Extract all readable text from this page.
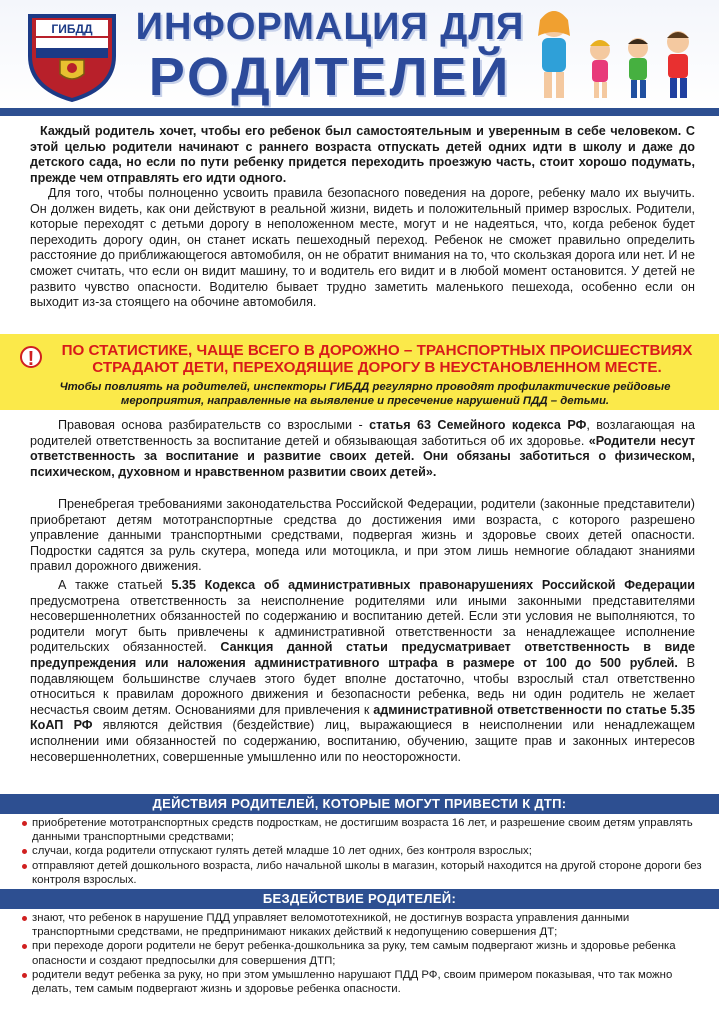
ГИБДД ИНФОРМАЦИЯ ДЛЯ
РОДИТЕЛЕЙ

Каждый родитель хочет, чтобы его ребенок был самостоятельным и уверенным в себе человеком. С этой целью родители начинают с раннего возраста отпускать детей одних идти в школу и даже до детского сада, но если по пути ребенку придется переходить проезжую часть, стоит хорошо подумать, прежде чем отправлять его идти одного.

Для того, чтобы полноценно усвоить правила безопасного поведения на дороге, ребенку мало их выучить. Он должен видеть, как они действуют в реальной жизни, видеть и положительный пример взрослых. Родители, которые переходят с детьми дорогу в неположенном месте, могут и не надеяться, что, когда ребенок будет переходить дорогу один, он станет искать пешеходный переход. Ребенок не сможет правильно определить расстояние до приближающегося автомобиля, он не обратит внимания на то, что скользкая дорога или нет. И не сможет считать, что если он видит машину, то и водитель его видит и в любой момент остановится. У детей не развито чувство опасности. Водителю бывает трудно заметить маленького пешехода, особенно если он выходит из-за стоящего на обочине автомобиля.

!	ПО СТАТИСТИКЕ, ЧАЩЕ ВСЕГО В ДОРОЖНО – ТРАНСПОРТНЫХ ПРОИСШЕСТВИЯХ СТРАДАЮТ ДЕТИ, ПЕРЕХОДЯЩИЕ ДОРОГУ В НЕУСТАНОВЛЕННОМ МЕСТЕ.
Чтобы повлиять на родителей, инспекторы ГИБДД регулярно проводят профилактические рейдовые мероприятия, направленные на выявление и пресечение нарушений ПДД – детьми.

Правовая основа разбирательств со взрослыми - статья 63 Семейного кодекса РФ, возлагающая на родителей ответственность за воспитание детей и обязывающая заботиться об их здоровье. «Родители несут ответственность за воспитание и развитие своих детей. Они обязаны заботиться о физическом, психическом, духовном и нравственном развитии своих детей».

Пренебрегая требованиями законодательства Российской Федерации, родители (законные представители) приобретают детям мототранспортные средства до достижения ими возраста, с которого разрешено управление данными транспортными средствами, подвергая жизнь и здоровье своих детей опасности. Подростки садятся за руль скутера, мопеда или мотоцикла, и при этом лишь немногие обладают знаниями правил дорожного движения.

А также статьей 5.35 Кодекса об административных правонарушениях Российской Федерации предусмотрена ответственность за неисполнение родителями или иными законными представителями несовершеннолетних обязанностей по содержанию и воспитанию детей. Если эти условия не выполняются, то родители могут быть привлечены к административной ответственности за ненадлежащее исполнение родительских обязанностей. Санкция данной статьи предусматривает ответственность в виде предупреждения или наложения административного штрафа в размере от 100 до 500 рублей. В подавляющем большинстве случаев этого будет вполне достаточно, чтобы взрослый стал ответственно относиться к правилам дорожного движения и безопасности ребенка, ведь ни один родитель не желает несчастья своим детям. Основаниями для привлечения к административной ответственности по статье 5.35 КоАП РФ являются действия (бездействие) лиц, выражающиеся в неисполнении или ненадлежащем исполнении ими обязанностей по содержанию, воспитанию, обучению, защите прав и законных интересов несовершеннолетних, совершенные умышленно или по неосторожности.

ДЕЙСТВИЯ РОДИТЕЛЕЙ, КОТОРЫЕ МОГУТ ПРИВЕСТИ К ДТП:
приобретение мототранспортных средств подросткам, не достигшим возраста 16 лет, и разрешение своим детям управлять данными транспортными средствами;
случаи, когда родители отпускают гулять детей младше 10 лет одних, без контроля взрослых;
отправляют детей дошкольного возраста, либо начальной школы в магазин, который находится на другой стороне дороги без контроля взрослых.
БЕЗДЕЙСТВИЕ РОДИТЕЛЕЙ:
знают, что ребенок в нарушение ПДД управляет веломототехникой, не достигнув возраста управления данными транспортными средствами, не предпринимают никаких действий к недопущению совершения ДТ;
при переходе дороги родители не берут ребенка-дошкольника за руку, тем самым подвергают жизнь и здоровье ребенка опасности и создают предпосылки для совершения ДТП;
родители ведут ребенка за руку, но при этом умышленно нарушают ПДД РФ, своим примером показывая, что так можно делать, тем самым подвергают жизнь и здоровье ребенка опасности.
